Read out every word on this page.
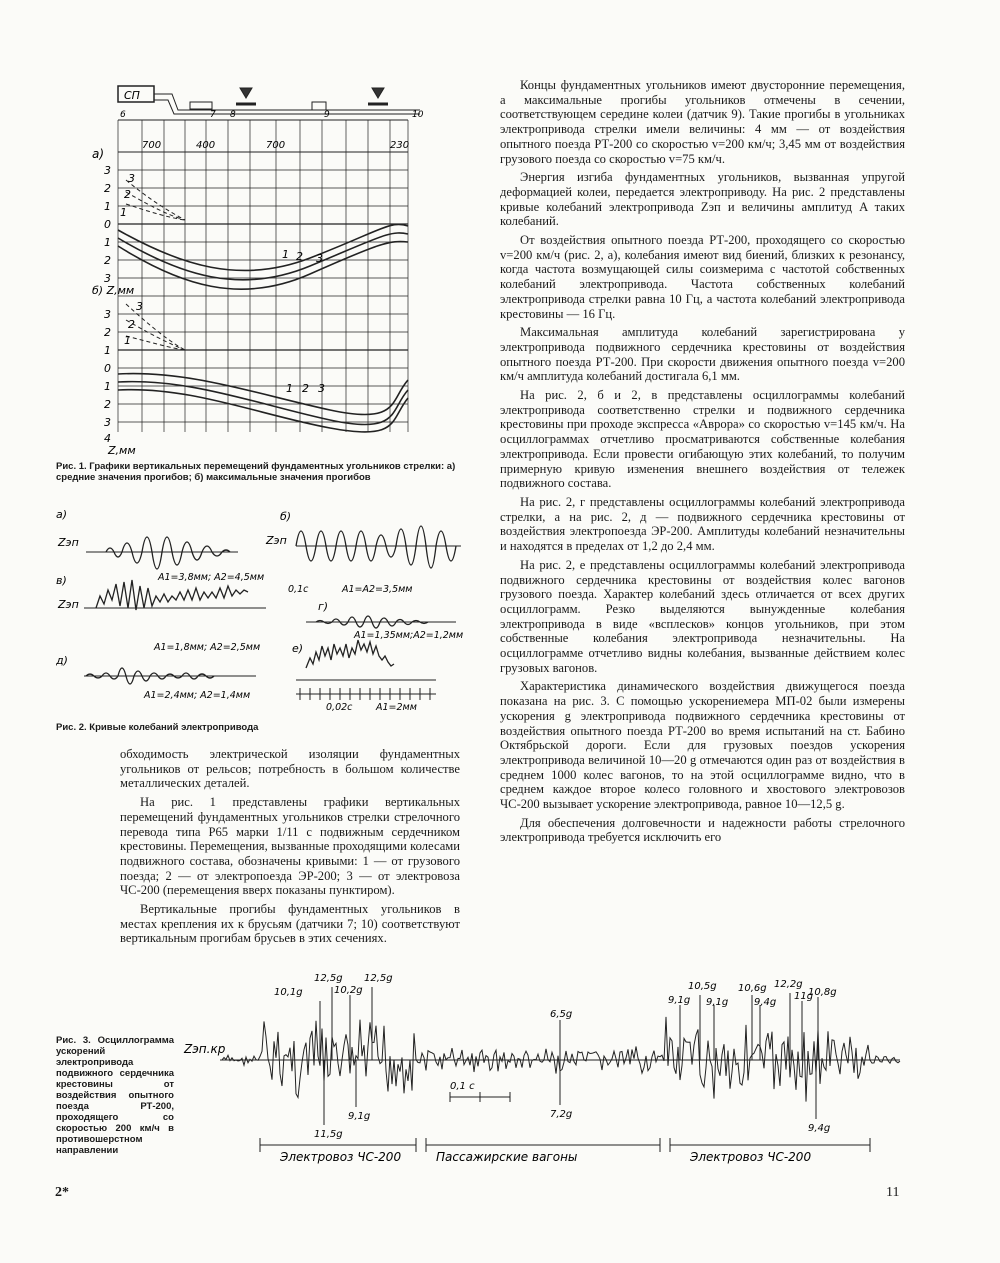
СП
6	7 8	9	10
700	400	700	230
а)
3
2
1
0
1
2
3
б) Z,мм
3
2
1
0
1
2
3
4
Z,мм
3
2
1
1 2 3
3
2
1
1 2 3
Рис. 1. Графики вертикальных перемещений фундаментных угольников стрелки: а) средние значения прогибов; б) максимальные значения прогибов
а)	б)
в)
г)
д)
е)
Zэп	Zэп
Zэп
A1=3,8мм; A2=4,5мм
A1=A2=3,5мм
A1=1,8мм; A2=2,5мм
A1=1,35мм;A2=1,2мм
A1=2,4мм; A2=1,4мм
A1=2мм
0,1с
0,02с
Рис. 2. Кривые колебаний электропривода

обходимость электрической изоляции фундаментных угольников от рельсов; потребность в большом количестве металлических деталей.

На рис. 1 представлены графики вертикальных перемещений фундаментных угольников стрелки стрелочного перевода типа Р65 марки 1/11 с подвижным сердечником крестовины. Перемещения, вызванные проходящими колесами подвижного состава, обозначены кривыми: 1 — от грузового поезда; 2 — от электропоезда ЭР-200; 3 — от электровоза ЧС-200 (перемещения вверх показаны пунктиром).

Вертикальные прогибы фундаментных угольников в местах крепления их к брусьям (датчики 7; 10) соответствуют вертикальным прогибам брусьев в этих сечениях.

Концы фундаментных угольников имеют двусторонние перемещения, а максимальные прогибы угольников отмечены в сечении, соответствующем середине колеи (датчик 9). Такие прогибы в угольниках электропривода стрелки имели величины: 4 мм — от воздействия опытного поезда РТ-200 со скоростью v=200 км/ч; 3,45 мм от воздействия грузового поезда со скоростью v=75 км/ч.

Энергия изгиба фундаментных угольников, вызванная упругой деформацией колеи, передается электроприводу. На рис. 2 представлены кривые колебаний электропривода Zэп и величины амплитуд A таких колебаний.

От воздействия опытного поезда РТ-200, проходящего со скоростью v=200 км/ч (рис. 2, а), колебания имеют вид биений, близких к резонансу, когда частота возмущающей силы соизмерима с частотой собственных колебаний электропривода. Частота собственных колебаний электропривода стрелки равна 10 Гц, а частота колебаний электропривода крестовины — 16 Гц.

Максимальная амплитуда колебаний зарегистрирована у электропривода подвижного сердечника крестовины от воздействия опытного поезда РТ-200. При скорости движения опытного поезда v=200 км/ч амплитуда колебаний достигала 6,1 мм.

На рис. 2, б и 2, в представлены осциллограммы колебаний электропривода соответственно стрелки и подвижного сердечника крестовины при проходе экспресса «Аврора» со скоростью v=145 км/ч. На осциллограммах отчетливо просматриваются собственные колебания электропривода. Если провести огибающую этих колебаний, то получим примерную кривую изменения внешнего воздействия от тележек подвижного состава.

На рис. 2, г представлены осциллограммы колебаний электропривода стрелки, а на рис. 2, д — подвижного сердечника крестовины от воздействия электропоезда ЭР-200. Амплитуды колебаний незначительны и находятся в пределах от 1,2 до 2,4 мм.

На рис. 2, е представлены осциллограммы колебаний электропривода подвижного сердечника крестовины от воздействия колес вагонов грузового поезда. Характер колебаний здесь отличается от всех других осциллограмм. Резко выделяются вынужденные колебания электропривода в виде «всплесков» концов угольников, при этом собственные колебания электропривода незначительны. На осциллограмме отчетливо видны колебания, вызванные действием колес грузовых вагонов.

Характеристика динамического воздействия движущегося поезда показана на рис. 3. С помощью ускорениемера МП-02 были измерены ускорения g электропривода подвижного сердечника крестовины от воздействия опытного поезда РТ-200 во время испытаний на ст. Бабино Октябрьской дороги. Если для грузовых поездов ускорения электропривода величиной 10—20 g отмечаются один раз от воздействия в среднем 1000 колес вагонов, то на этой осциллограмме видно, что в среднем каждое второе колесо головного и хвостового электровозов ЧС-200 вызывает ускорение электропривода, равное 10—12,5 g.

Для обеспечения долговечности и надежности работы стрелочного электропривода требуется исключить его

Рис. 3. Осциллограмма ускорений электропривода подвижного сердечника крестовины от воздействия опытного поезда РТ-200, проходящего со скоростью 200 км/ч в противошерстном направлении
Zэп.кр
10,1g
12,5g
10,2g
12,5g
6,5g
9,1g
10,5g
9,1g
10,6g
9,4g
12,2g
11g
10,8g
11,5g
9,1g	7,2g
9,4g
0,1 с
Электровоз ЧС-200	Пассажирские вагоны	Электровоз ЧС-200
2*	11
